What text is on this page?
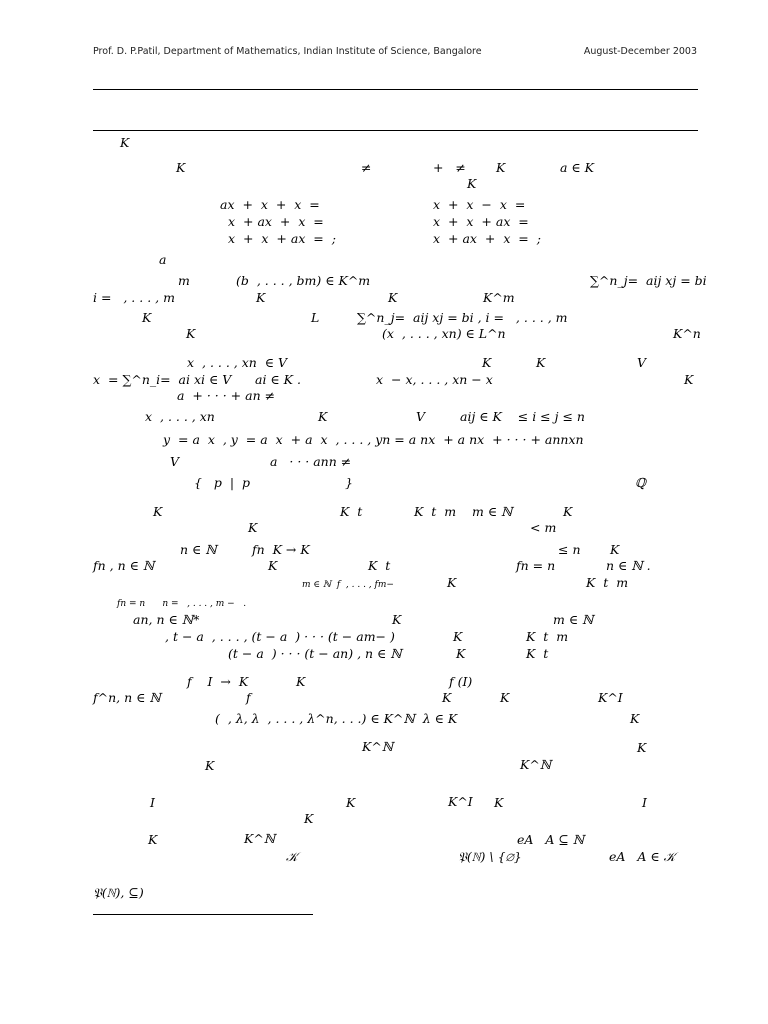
Prof. D. P.Patil, Department of Mathematics, Indian Institute of Science, Bangalore	August-December 2003
K
K	≠	+   ≠ K	a ∈ K
K
ax  +  x  +  x  =	x  +  x  −  x  =
x  + ax  +  x  =	x  +  x  + ax  =
x  +  x  + ax  =  ;	x  + ax  +  x  =  ;
a
m	(b  , . . . , bm) ∈ K^m	∑^n_j=  aij xj = bi
i =   , . . . , m	K	K	K^m
K	L	∑^n_j=  aij xj = bi , i =   , . . . , m
K	(x  , . . . , xn) ∈ L^n	K^n
x  , . . . , xn  ∈ V	K	K	V
x  = ∑^n_i=  ai xi ∈ V ai ∈ K .	x  − x, . . . , xn − x	K
a  + · · · + an ≠
x  , . . . , xn	K	V	aij ∈ K    ≤ i ≤ j ≤ n
y  = a  x  , y  = a  x  + a  x  , . . . , yn = a nx  + a nx  + · · · + annxn
V	a   · · · ann ≠
{   p  |  p	}	ℚ
K	K  t	K  t  m    m ∈ ℕ	K
K	< m
n ∈ ℕ	fn  K → K	≤ n K
fn , n ∈ ℕ	K	K  t	fn = n	n ∈ ℕ .
m ∈ ℕ  f  , . . . , fm−	K	K  t  m
fn = n      n =   , . . . , m −   .
an, n ∈ ℕ*	K	m ∈ ℕ
, t − a  , . . . , (t − a  ) · · · (t − am− )	K	K  t  m
(t − a  ) · · · (t − an) , n ∈ ℕ	K	K  t
f    I  →  K	K	f (I)
f^n, n ∈ ℕ	f	K	K	K^I
(  , λ, λ  , . . . , λ^n, . . .) ∈ K^ℕ  λ ∈ K	K
K^ℕ	K
K	K^ℕ
I	K	K^I K	I
K
K	K^ℕ	eA   A ⊆ ℕ
𝒦	𝔓(ℕ) \ {∅}	eA   A ∈ 𝒦
𝔓(ℕ), ⊆)
